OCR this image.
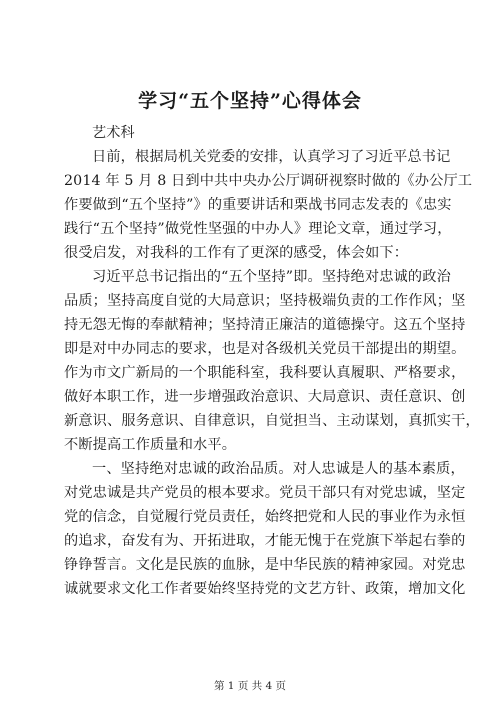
学习“五个坚持”心得体会
艺术科
日前，根据局机关党委的安排，认真学习了习近平总书记
2014 年 5 月 8 日到中共中央办公厅调研视察时做的《办公厅工
作要做到“五个坚持”》的重要讲话和栗战书同志发表的《忠实
践行“五个坚持”做党性坚强的中办人》理论文章，通过学习，
很受启发，对我科的工作有了更深的感受，体会如下：
习近平总书记指出的“五个坚持”即。坚持绝对忠诚的政治
品质；坚持高度自觉的大局意识；坚持极端负责的工作作风；坚
持无怨无悔的奉献精神；坚持清正廉洁的道德操守。这五个坚持
即是对中办同志的要求，也是对各级机关党员干部提出的期望。
作为市文广新局的一个职能科室，我科要认真履职、严格要求，
做好本职工作，进一步增强政治意识、大局意识、责任意识、创
新意识、服务意识、自律意识，自觉担当、主动谋划，真抓实干，
不断提高工作质量和水平。
一、坚持绝对忠诚的政治品质。对人忠诚是人的基本素质，
对党忠诚是共产党员的根本要求。党员干部只有对党忠诚，坚定
党的信念，自觉履行党员责任，始终把党和人民的事业作为永恒
的追求，奋发有为、开拓进取，才能无愧于在党旗下举起右拳的
铮铮誓言。文化是民族的血脉，是中华民族的精神家园。对党忠
诚就要求文化工作者要始终坚持党的文艺方针、政策，增加文化
第 1 页 共 4 页
